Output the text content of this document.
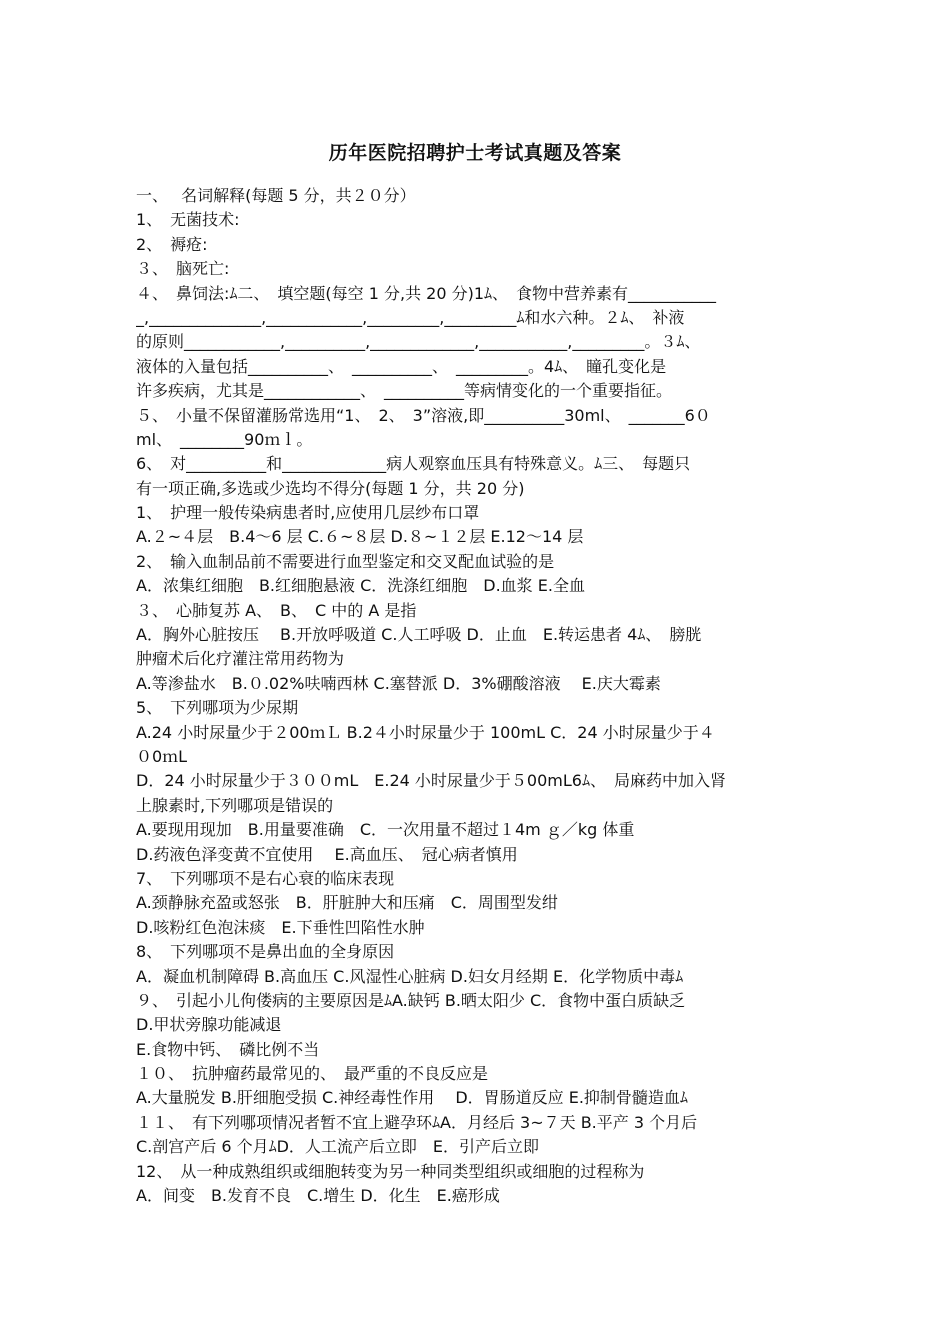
历年医院招聘护士考试真题及答案
一、　 名词解释(每题 5 分，共２０分）
1、　无菌技术:
2、　褥疮:
３、　脑死亡:
４、　鼻饲法:ﾑ二、　填空题(每空 1 分,共 20 分)1ﾑ、　食物中营养素有___________
_,______________,____________,_________,_________ﾑ和水六种。２ﾑ、　补液
的原则____________,__________,_____________,___________,_________。３ﾑ、
液体的入量包括__________、　__________、　_________。4ﾑ、　瞳孔变化是
许多疾病，尤其是____________、　__________等病情变化的一个重要指征。
５、　小量不保留灌肠常选用“1、　2、　3”溶液,即__________30ml、　_______6０
ml、　________90ｍｌ。
6、　对__________和_____________病人观察血压具有特殊意义。ﾑ三、　每题只
有一项正确,多选或少选均不得分(每题 1 分，共 20 分)
1、　护理一般传染病患者时,应使用几层纱布口罩
A.２~４层　B.4～6 层 C.６~８层 D.８~１２层 E.12～14 层
2、　输入血制品前不需要进行血型鉴定和交叉配血试验的是
A．浓集红细胞　B.红细胞悬液 C．洗涤红细胞　D.血浆 E.全血
３、　心肺复苏 A、　B、　C 中的 A 是指
A．胸外心脏按压　 B.开放呼吸道 C.人工呼吸 D．止血　E.转运患者 4ﾑ、　膀胱
肿瘤术后化疗灌注常用药物为
A.等渗盐水　B.０.02%呋喃西林 C.塞替派 D．3%硼酸溶液　 E.庆大霉素
5、　下列哪项为少尿期
A.24 小时尿量少于２00ｍＬ B.2４小时尿量少于 100mL C．24 小时尿量少于４
０0ｍL
D．24 小时尿量少于３００mL　E.24 小时尿量少于５00mL6ﾑ、　局麻药中加入肾
上腺素时,下列哪项是错误的
A.要现用现加　B.用量要准确　C．一次用量不超过１4m ｇ／kg 体重
D.药液色泽变黄不宜使用　 E.高血压、　冠心病者慎用
7、　下列哪项不是右心衰的临床表现
A.颈静脉充盈或怒张　B．肝脏肿大和压痛　C．周围型发绀
D.咳粉红色泡沫痰　E.下垂性凹陷性水肿
8、　下列哪项不是鼻出血的全身原因
A．凝血机制障碍 B.高血压 C.风湿性心脏病 D.妇女月经期 E．化学物质中毒ﾑ
９、　引起小儿佝偻病的主要原因是ﾑA.缺钙 B.晒太阳少 C．食物中蛋白质缺乏
D.甲状旁腺功能减退
E.食物中钙、　磷比例不当
１０、　抗肿瘤药最常见的、　最严重的不良反应是
A.大量脱发 B.肝细胞受损 C.神经毒性作用　 D．胃肠道反应 E.抑制骨髓造血ﾑ
１１、　有下列哪项情况者暂不宜上避孕环ﾑA．月经后 3~７天 B.平产 3 个月后
C.剖宫产后 6 个月ﾑD．人工流产后立即　E．引产后立即
12、　从一种成熟组织或细胞转变为另一种同类型组织或细胞的过程称为
A．间变　B.发育不良　C.增生 D．化生　E.癌形成
